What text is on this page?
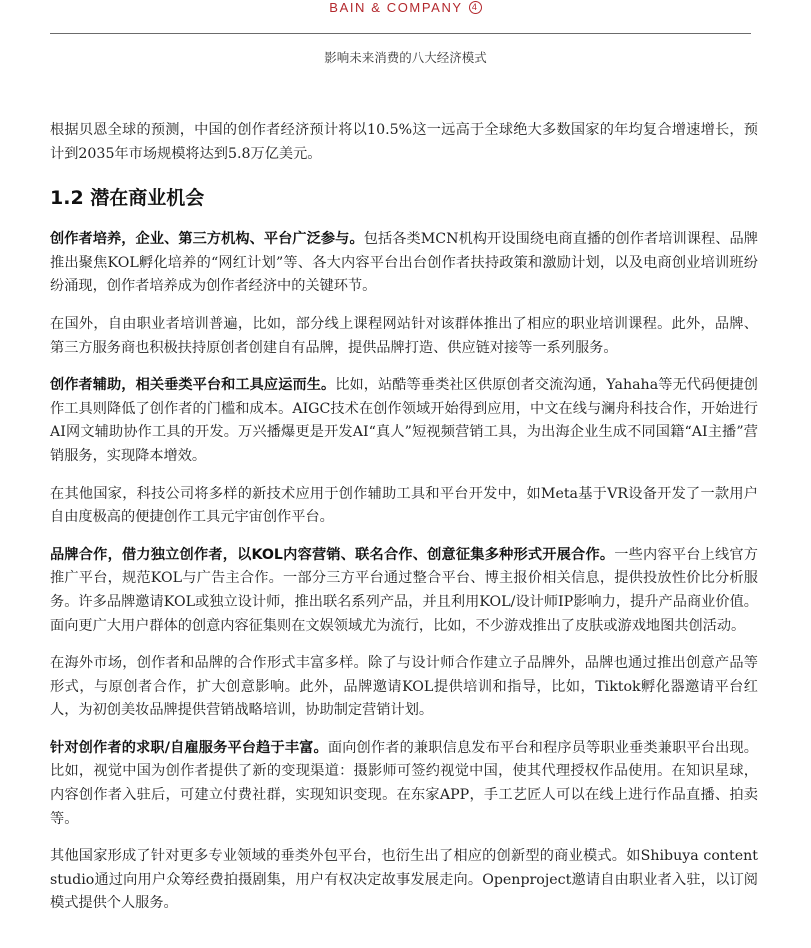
BAIN & COMPANY 4
影响未来消费的八大经济模式

根据贝恩全球的预测，中国的创作者经济预计将以10.5%这一远高于全球绝大多数国家的年均复合增速增长，预计到2035年市场规模将达到5.8万亿美元。

1.2 潜在商业机会

创作者培养，企业、第三方机构、平台广泛参与。包括各类MCN机构开设围绕电商直播的创作者培训课程、品牌推出聚焦KOL孵化培养的“网红计划”等、各大内容平台出台创作者扶持政策和激励计划，以及电商创业培训班纷纷涌现，创作者培养成为创作者经济中的关键环节。

在国外，自由职业者培训普遍，比如，部分线上课程网站针对该群体推出了相应的职业培训课程。此外，品牌、第三方服务商也积极扶持原创者创建自有品牌，提供品牌打造、供应链对接等一系列服务。

创作者辅助，相关垂类平台和工具应运而生。比如，站酷等垂类社区供原创者交流沟通，Yahaha等无代码便捷创作工具则降低了创作者的门槛和成本。AIGC技术在创作领域开始得到应用，中文在线与澜舟科技合作，开始进行AI网文辅助协作工具的开发。万兴播爆更是开发AI“真人”短视频营销工具，为出海企业生成不同国籍“AI主播”营销服务，实现降本增效。

在其他国家，科技公司将多样的新技术应用于创作辅助工具和平台开发中，如Meta基于VR设备开发了一款用户自由度极高的便捷创作工具元宇宙创作平台。

品牌合作，借力独立创作者，以KOL内容营销、联名合作、创意征集多种形式开展合作。一些内容平台上线官方推广平台，规范KOL与广告主合作。一部分三方平台通过整合平台、博主报价相关信息，提供投放性价比分析服务。许多品牌邀请KOL或独立设计师，推出联名系列产品，并且利用KOL/设计师IP影响力，提升产品商业价值。面向更广大用户群体的创意内容征集则在文娱领域尤为流行，比如，不少游戏推出了皮肤或游戏地图共创活动。

在海外市场，创作者和品牌的合作形式丰富多样。除了与设计师合作建立子品牌外，品牌也通过推出创意产品等形式，与原创者合作，扩大创意影响。此外，品牌邀请KOL提供培训和指导，比如，Tiktok孵化器邀请平台红人，为初创美妆品牌提供营销战略培训，协助制定营销计划。

针对创作者的求职/自雇服务平台趋于丰富。面向创作者的兼职信息发布平台和程序员等职业垂类兼职平台出现。比如，视觉中国为创作者提供了新的变现渠道：摄影师可签约视觉中国，使其代理授权作品使用。在知识星球，内容创作者入驻后，可建立付费社群，实现知识变现。在东家APP，手工艺匠人可以在线上进行作品直播、拍卖等。

其他国家形成了针对更多专业领域的垂类外包平台，也衍生出了相应的创新型的商业模式。如Shibuya content studio通过向用户众筹经费拍摄剧集，用户有权决定故事发展走向。Openproject邀请自由职业者入驻，以订阅模式提供个人服务。
